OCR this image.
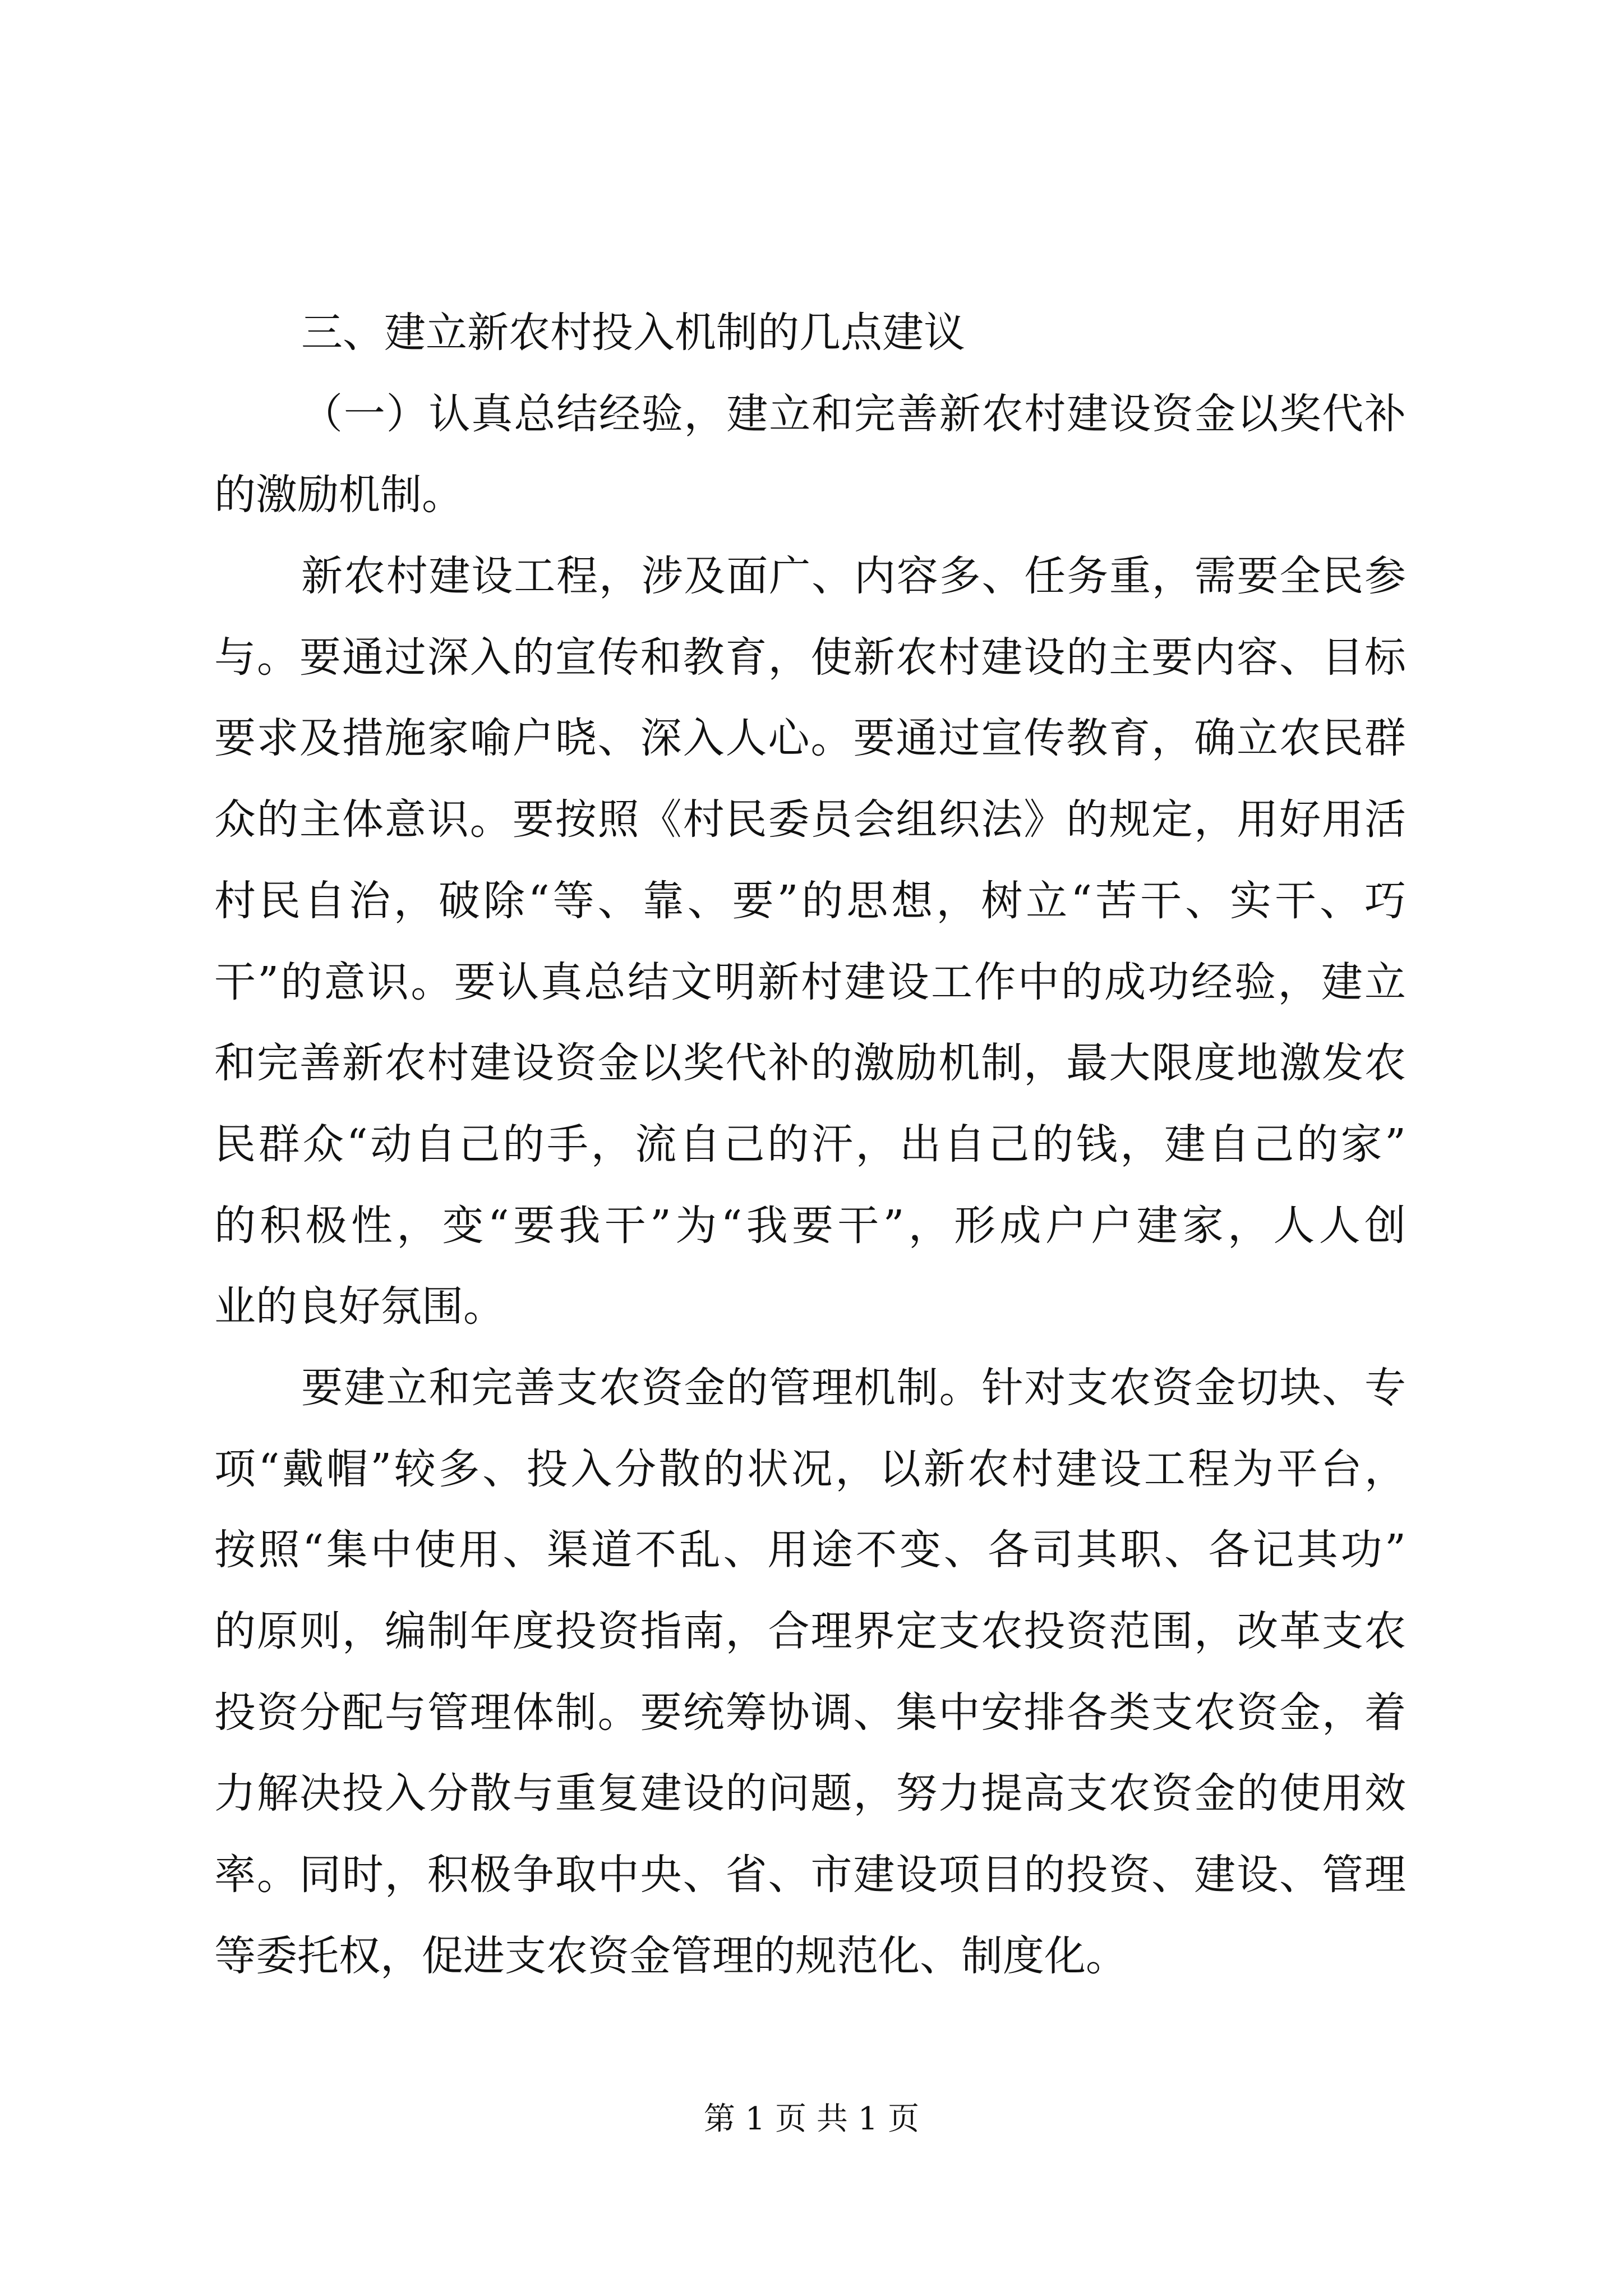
三、建立新农村投入机制的几点建议
（一）认真总结经验，建立和完善新农村建设资金以奖代补
的激励机制。
新农村建设工程，涉及面广、内容多、任务重，需要全民参
与。要通过深入的宣传和教育，使新农村建设的主要内容、目标
要求及措施家喻户晓、深入人心。要通过宣传教育，确立农民群
众的主体意识。要按照《村民委员会组织法》的规定，用好用活
村民自治，破除“等、靠、要”的思想，树立“苦干、实干、巧
干”的意识。要认真总结文明新村建设工作中的成功经验，建立
和完善新农村建设资金以奖代补的激励机制，最大限度地激发农
民群众“动自己的手，流自己的汗，出自己的钱，建自己的家”
的积极性，变“要我干”为“我要干”，形成户户建家，人人创
业的良好氛围。
要建立和完善支农资金的管理机制。针对支农资金切块、专
项“戴帽”较多、投入分散的状况，以新农村建设工程为平台，
按照“集中使用、渠道不乱、用途不变、各司其职、各记其功”
的原则，编制年度投资指南，合理界定支农投资范围，改革支农
投资分配与管理体制。要统筹协调、集中安排各类支农资金，着
力解决投入分散与重复建设的问题，努力提高支农资金的使用效
率。同时，积极争取中央、省、市建设项目的投资、建设、管理
等委托权，促进支农资金管理的规范化、制度化。
第 1 页 共 1 页
